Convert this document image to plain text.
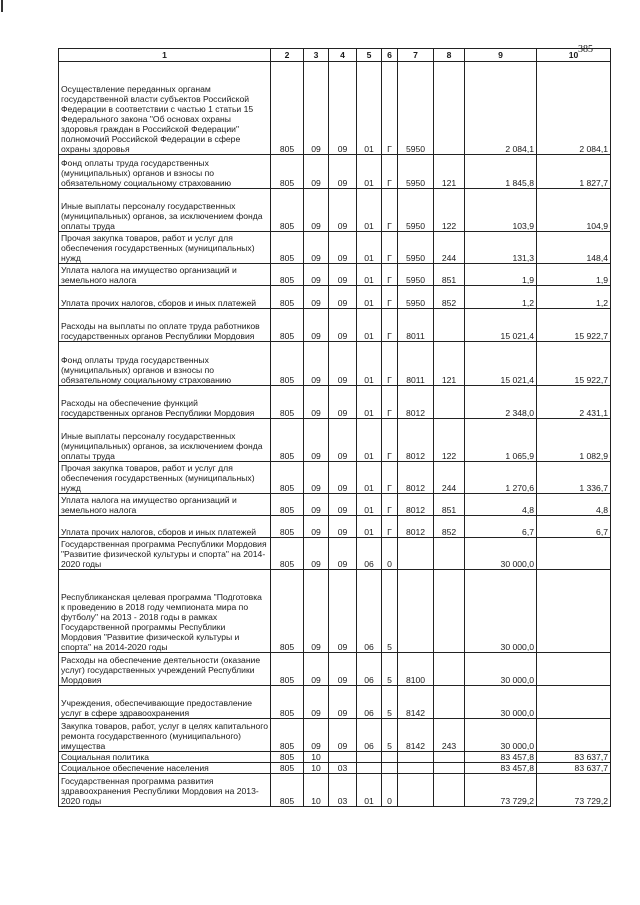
385
1	2	3	4	5	6	7	8	9	10
Осуществление переданных органам государственной власти субъектов Российской Федерации в соответствии с частью 1 статьи 15 Федерального закона "Об основах охраны здоровья граждан в Российской Федерации" полномочий Российской Федерации в сфере охраны здоровья	805	09	09	01	Г	5950		2 084,1	2 084,1
Фонд оплаты труда государственных (муниципальных) органов и взносы по обязательному социальному страхованию	805	09	09	01	Г	5950	121	1 845,8	1 827,7
Иные выплаты персоналу государственных (муниципальных) органов, за исключением фонда оплаты труда	805	09	09	01	Г	5950	122	103,9	104,9
Прочая закупка товаров, работ и услуг для обеспечения государственных (муниципальных) нужд	805	09	09	01	Г	5950	244	131,3	148,4
Уплата налога на имущество организаций и земельного налога	805	09	09	01	Г	5950	851	1,9	1,9
Уплата прочих налогов, сборов и иных платежей	805	09	09	01	Г	5950	852	1,2	1,2
Расходы на выплаты по оплате труда работников государственных органов Республики Мордовия	805	09	09	01	Г	8011		15 021,4	15 922,7
Фонд оплаты труда государственных (муниципальных) органов и взносы по обязательному социальному страхованию	805	09	09	01	Г	8011	121	15 021,4	15 922,7
Расходы на обеспечение функций государственных органов Республики Мордовия	805	09	09	01	Г	8012		2 348,0	2 431,1
Иные выплаты персоналу государственных (муниципальных) органов, за исключением фонда оплаты труда	805	09	09	01	Г	8012	122	1 065,9	1 082,9
Прочая закупка товаров, работ и услуг для обеспечения государственных (муниципальных) нужд	805	09	09	01	Г	8012	244	1 270,6	1 336,7
Уплата налога на имущество организаций и земельного налога	805	09	09	01	Г	8012	851	4,8	4,8
Уплата прочих налогов, сборов и иных платежей	805	09	09	01	Г	8012	852	6,7	6,7
Государственная программа Республики Мордовия "Развитие физической культуры и спорта" на 2014-2020 годы	805	09	09	06	0			30 000,0	
Республиканская целевая программа "Подготовка к проведению в 2018 году чемпионата мира по футболу" на 2013 - 2018 годы в рамках Государственной программы Республики Мордовия "Развитие физической культуры и спорта" на 2014-2020 годы	805	09	09	06	5			30 000,0	
Расходы на обеспечение деятельности (оказание услуг) государственных учреждений Республики Мордовия	805	09	09	06	5	8100		30 000,0	
Учреждения, обеспечивающие предоставление услуг в сфере здравоохранения	805	09	09	06	5	8142		30 000,0	
Закупка товаров, работ, услуг в целях капитального ремонта государственного (муниципального) имущества	805	09	09	06	5	8142	243	30 000,0	
Социальная политика	805	10						83 457,8	83 637,7
Социальное обеспечение населения	805	10	03					83 457,8	83 637,7
Государственная программа развития здравоохранения Республики Мордовия на 2013-2020 годы	805	10	03	01	0			73 729,2	73 729,2
